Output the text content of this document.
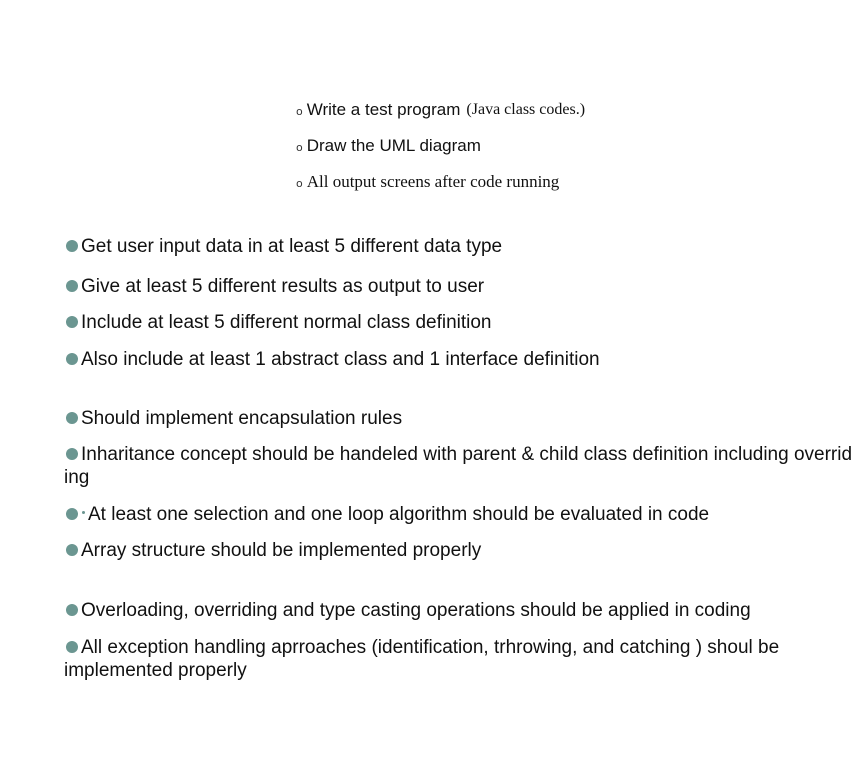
o Write a test program (Java class codes.)
o Draw the UML diagram
o All output screens after code running
Get user input data in at least 5 different data type
Give at least 5 different results as output to user
Include at least 5 different normal class definition
Also include at least 1 abstract class and 1 interface definition
Should implement encapsulation rules
Inharitance concept should be handeled with parent & child class definition including overriding
At least one selection and one loop algorithm should be evaluated in code
Array structure should be implemented properly
Overloading, overriding and type casting operations should be applied in coding
All exception handling aprroaches (identification, trhrowing, and catching ) shoul be implemented properly
